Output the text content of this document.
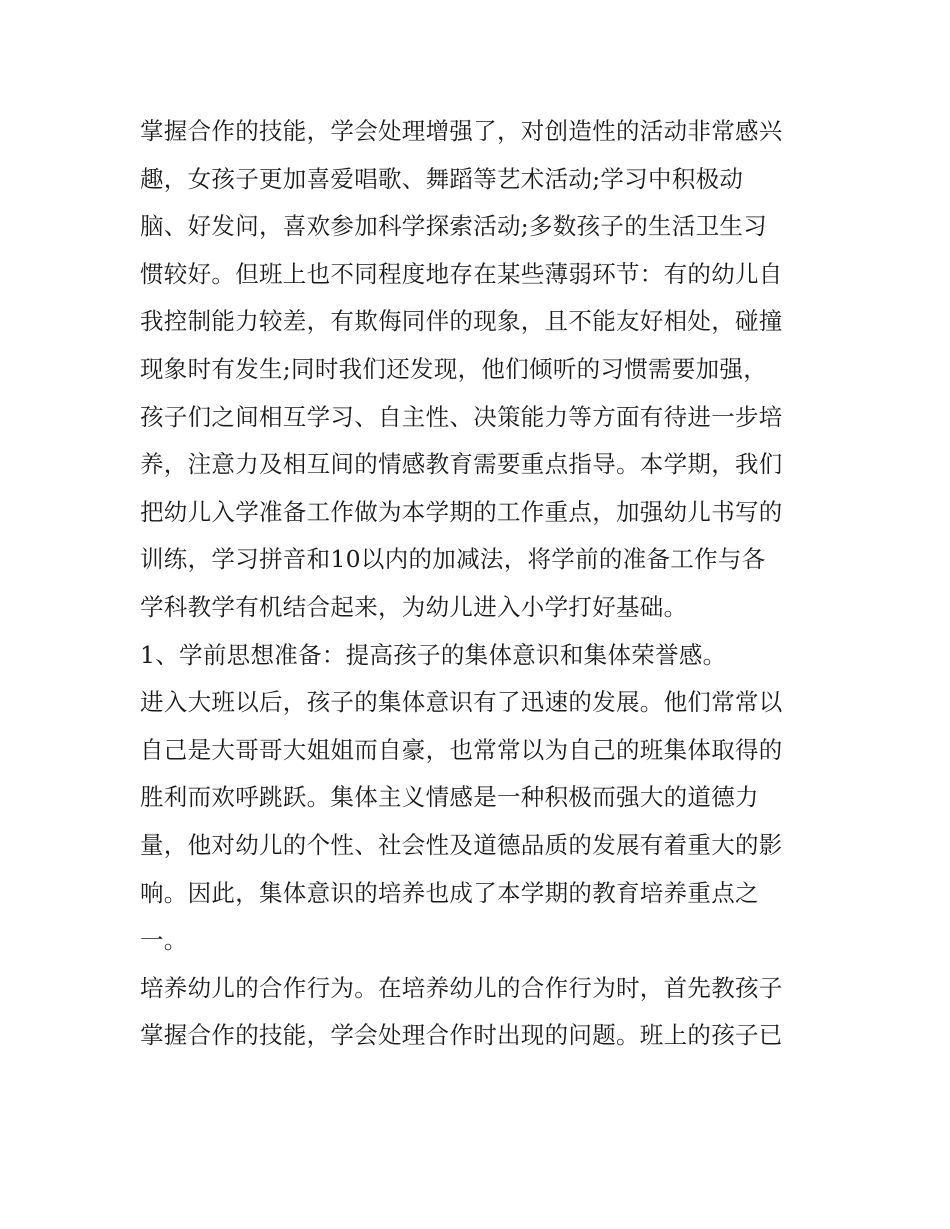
掌握合作的技能，学会处理增强了，对创造性的活动非常感兴
趣，女孩子更加喜爱唱歌、舞蹈等艺术活动;学习中积极动
脑、好发问，喜欢参加科学探索活动;多数孩子的生活卫生习
惯较好。但班上也不同程度地存在某些薄弱环节：有的幼儿自
我控制能力较差，有欺侮同伴的现象，且不能友好相处，碰撞
现象时有发生;同时我们还发现，他们倾听的习惯需要加强，
孩子们之间相互学习、自主性、决策能力等方面有待进一步培
养，注意力及相互间的情感教育需要重点指导。本学期，我们
把幼儿入学准备工作做为本学期的工作重点，加强幼儿书写的
训练，学习拼音和10以内的加减法，将学前的准备工作与各
学科教学有机结合起来，为幼儿进入小学打好基础。
1、学前思想准备：提高孩子的集体意识和集体荣誉感。
进入大班以后，孩子的集体意识有了迅速的发展。他们常常以
自己是大哥哥大姐姐而自豪，也常常以为自己的班集体取得的
胜利而欢呼跳跃。集体主义情感是一种积极而强大的道德力
量，他对幼儿的个性、社会性及道德品质的发展有着重大的影
响。因此，集体意识的培养也成了本学期的教育培养重点之
一。
培养幼儿的合作行为。在培养幼儿的合作行为时，首先教孩子
掌握合作的技能，学会处理合作时出现的问题。班上的孩子已
